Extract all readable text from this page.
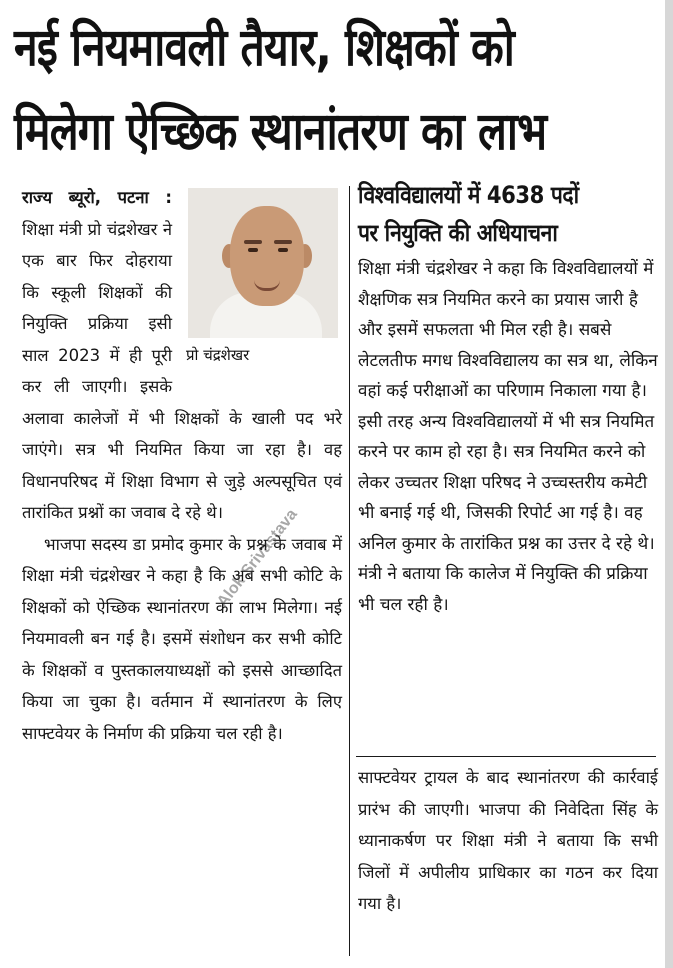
नई नियमावली तैयार, शिक्षकों को
मिलेगा ऐच्छिक स्थानांतरण का लाभ
प्रो चंद्रशेखर

राज्य ब्यूरो, पटना : शिक्षा मंत्री प्रो चंद्रशेखर ने एक बार फिर दोहराया कि स्कूली शिक्षकों की नियुक्ति प्रक्रिया इसी साल 2023 में ही पूरी कर ली जाएगी। इसके अलावा कालेजों में भी शिक्षकों के खाली पद भरे जाएंगे। सत्र भी नियमित किया जा रहा है। वह विधानपरिषद में शिक्षा विभाग से जुड़े अल्पसूचित एवं तारांकित प्रश्नों का जवाब दे रहे थे।

भाजपा सदस्य डा प्रमोद कुमार के प्रश्न के जवाब में शिक्षा मंत्री चंद्रशेखर ने कहा है कि अब सभी कोटि के शिक्षकों को ऐच्छिक स्थानांतरण का लाभ मिलेगा। नई नियमावली बन गई है। इसमें संशोधन कर सभी कोटि के शिक्षकों व पुस्तकालयाध्यक्षों को इससे आच्छादित किया जा चुका है। वर्तमान में स्थानांतरण के लिए साफ्टवेयर के निर्माण की प्रक्रिया चल रही है।

विश्वविद्यालयों में 4638 पदों
पर नियुक्ति की अधियाचना

शिक्षा मंत्री चंद्रशेखर ने कहा कि विश्वविद्यालयों में शैक्षणिक सत्र नियमित करने का प्रयास जारी है और इसमें सफलता भी मिल रही है। सबसे लेटलतीफ मगध विश्वविद्यालय का सत्र था, लेकिन वहां कई परीक्षाओं का परिणाम निकाला गया है। इसी तरह अन्य विश्वविद्यालयों में भी सत्र नियमित करने पर काम हो रहा है। सत्र नियमित करने को लेकर उच्चतर शिक्षा परिषद ने उच्चस्तरीय कमेटी भी बनाई गई थी, जिसकी रिपोर्ट आ गई है। वह अनिल कुमार के तारांकित प्रश्न का उत्तर दे रहे थे। मंत्री ने बताया कि कालेज में नियुक्ति की प्रक्रिया भी चल रही है।

साफ्टवेयर ट्रायल के बाद स्थानांतरण की कार्रवाई प्रारंभ की जाएगी। भाजपा की निवेदिता सिंह के ध्यानाकर्षण पर शिक्षा मंत्री ने बताया कि सभी जिलों में अपीलीय प्राधिकार का गठन कर दिया गया है।

Alok Srivastava
